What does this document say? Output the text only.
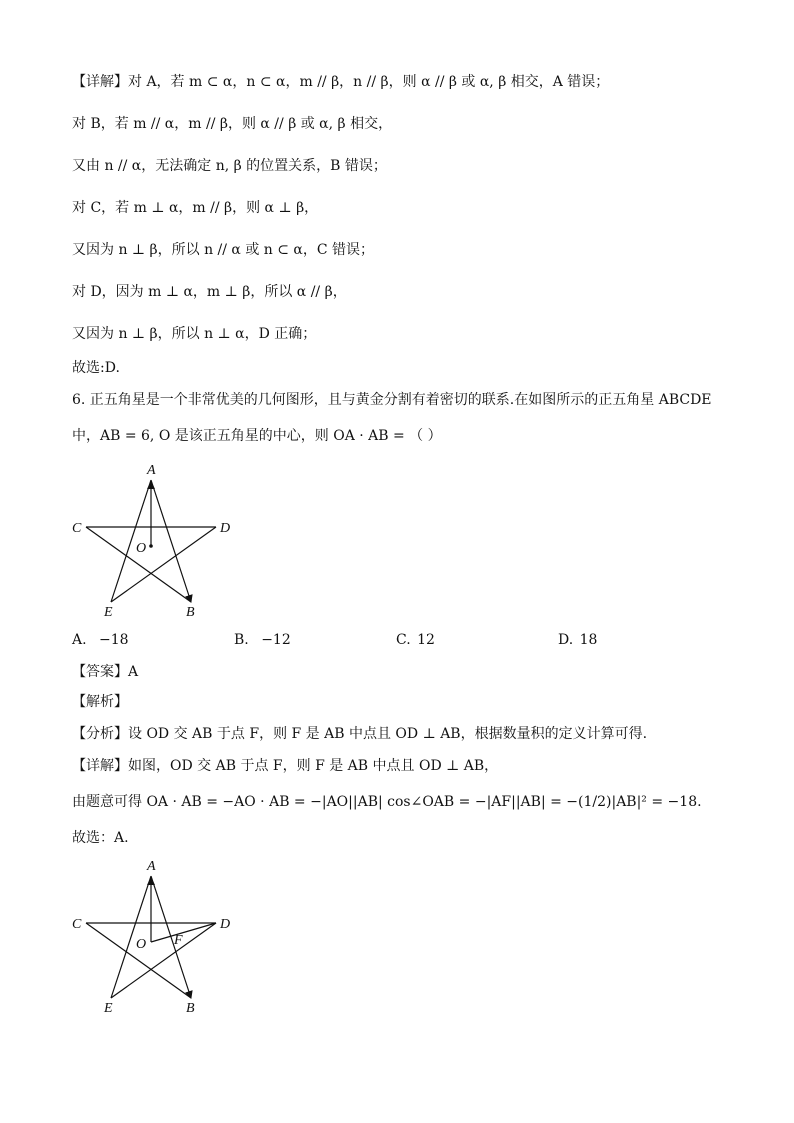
【详解】对 A，若 m ⊂ α，n ⊂ α，m // β，n // β，则 α // β 或 α, β 相交，A 错误；
对 B，若 m // α，m // β，则 α // β 或 α, β 相交，
又由 n // α，无法确定 n, β 的位置关系，B 错误；
对 C，若 m ⊥ α，m // β，则 α ⊥ β，
又因为 n ⊥ β，所以 n // α 或 n ⊂ α，C 错误；
对 D，因为 m ⊥ α，m ⊥ β，所以 α // β，
又因为 n ⊥ β，所以 n ⊥ α，D 正确；
故选:D.
6. 正五角星是一个非常优美的几何图形，且与黄金分割有着密切的联系.在如图所示的正五角星 ABCDE
中，AB = 6, O 是该正五角星的中心，则 OA · AB = （ ）
A
C	D
O
E	B
A. −18	B. −12	C. 12	D. 18
【答案】A
【解析】
【分析】设 OD 交 AB 于点 F，则 F 是 AB 中点且 OD ⊥ AB，根据数量积的定义计算可得.
【详解】如图，OD 交 AB 于点 F，则 F 是 AB 中点且 OD ⊥ AB，
由题意可得 OA · AB = −AO · AB = −|AO||AB| cos∠OAB = −|AF||AB| = −(1/2)|AB|² = −18.
故选：A.
A
C	D
O F
E	B
